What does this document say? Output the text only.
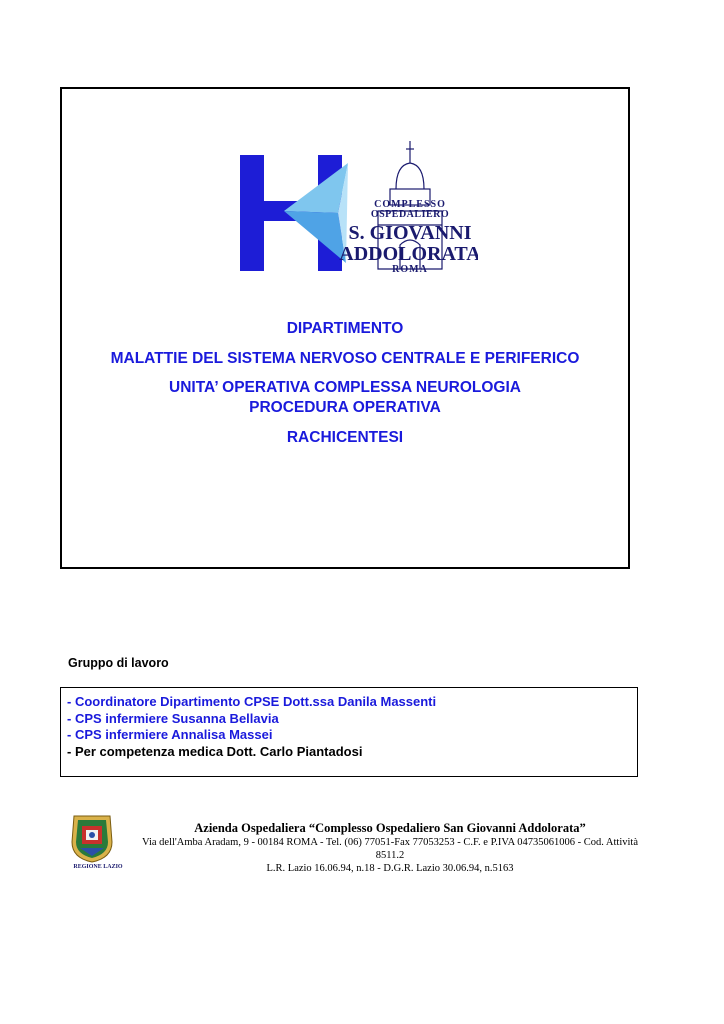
COMPLESSO
OSPEDALIERO
S. GIOVANNI
ADDOLORATA
ROMA
DIPARTIMENTO
MALATTIE DEL SISTEMA NERVOSO CENTRALE E PERIFERICO
UNITA’ OPERATIVA COMPLESSA NEUROLOGIA
PROCEDURA OPERATIVA
RACHICENTESI
Gruppo di lavoro
- Coordinatore Dipartimento CPSE Dott.ssa Danila Massenti
- CPS infermiere Susanna Bellavia
- CPS infermiere Annalisa Massei
- Per competenza medica Dott. Carlo Piantadosi
REGIONE LAZIO
Azienda Ospedaliera “Complesso Ospedaliero San Giovanni Addolorata”
Via dell'Amba Aradam, 9 - 00184 ROMA - Tel. (06) 77051-Fax 77053253 - C.F. e P.IVA 04735061006 - Cod. Attività 8511.2
L.R. Lazio 16.06.94, n.18 - D.G.R. Lazio 30.06.94, n.5163
